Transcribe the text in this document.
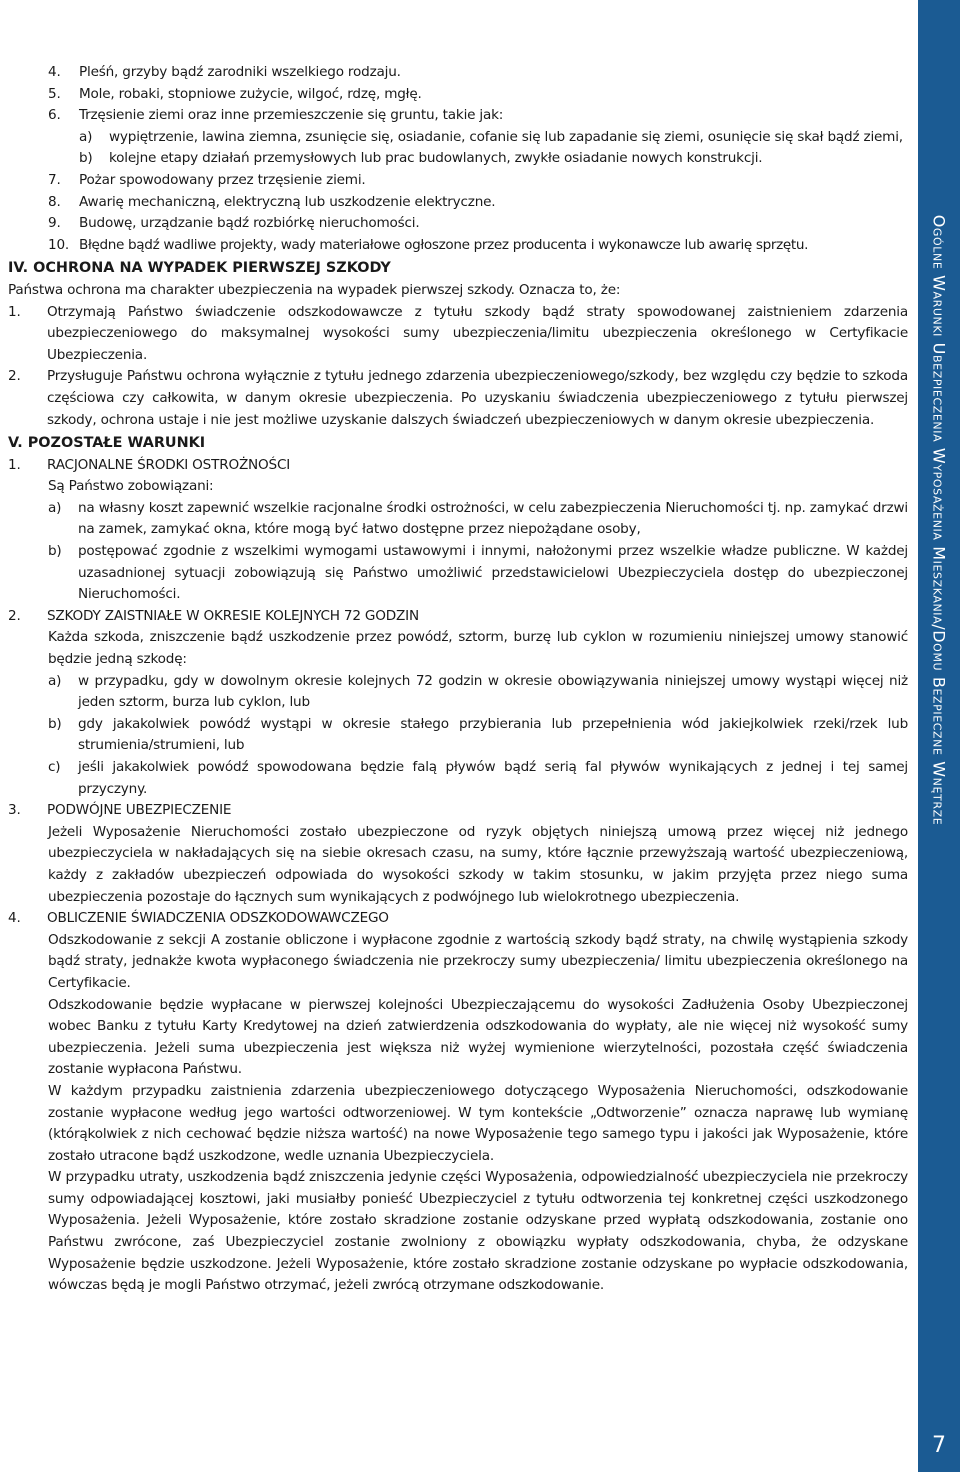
4.	Pleśń, grzyby bądź zarodniki wszelkiego rodzaju.
5.	Mole, robaki, stopniowe zużycie, wilgoć, rdzę, mgłę.
6.	Trzęsienie ziemi oraz inne przemieszczenie się gruntu, takie jak:
a)	wypiętrzenie, lawina ziemna, zsunięcie się, osiadanie, cofanie się lub zapadanie się ziemi, osunięcie się skał bądź ziemi,
b)	kolejne etapy działań przemysłowych lub prac budowlanych, zwykłe osiadanie nowych konstrukcji.
7.	Pożar spowodowany przez trzęsienie ziemi.
8.	Awarię mechaniczną, elektryczną lub uszkodzenie elektryczne.
9.	Budowę, urządzanie bądź rozbiórkę nieruchomości.
10. Błędne bądź wadliwe projekty, wady materiałowe ogłoszone przez producenta i wykonawcze lub awarię sprzętu.
IV. OCHRONA NA WYPADEK PIERWSZEJ SZKODY
Państwa ochrona ma charakter ubezpieczenia na wypadek pierwszej szkody. Oznacza to, że:
1.	Otrzymają Państwo świadczenie odszkodowawcze z tytułu szkody bądź straty spowodowanej zaistnieniem zdarzenia ubezpieczeniowego do maksymalnej wysokości sumy ubezpieczenia/limitu ubezpieczenia określonego w Certyfikacie Ubezpieczenia.
2.	Przysługuje Państwu ochrona wyłącznie z tytułu jednego zdarzenia ubezpieczeniowego/szkody, bez względu czy będzie to szkoda częściowa czy całkowita, w danym okresie ubezpieczenia. Po uzyskaniu świadczenia ubezpieczeniowego z tytułu pierwszej szkody, ochrona ustaje i nie jest możliwe uzyskanie dalszych świadczeń ubezpieczeniowych w danym okresie ubezpieczenia.
V. POZOSTAŁE WARUNKI
1.	RACJONALNE ŚRODKI OSTROŻNOŚCI
Są Państwo zobowiązani:
a)	na własny koszt zapewnić wszelkie racjonalne środki ostrożności, w celu zabezpieczenia Nieruchomości tj. np. zamykać drzwi na zamek, zamykać okna, które mogą być łatwo dostępne przez niepożądane osoby,
b)	postępować zgodnie z wszelkimi wymogami ustawowymi i innymi, nałożonymi przez wszelkie władze publiczne. W każdej uzasadnionej sytuacji zobowiązują się Państwo umożliwić przedstawicielowi Ubezpieczyciela dostęp do ubezpieczonej Nieruchomości.
2.	SZKODY ZAISTNIAŁE W OKRESIE KOLEJNYCH 72 GODZIN
Każda szkoda, zniszczenie bądź uszkodzenie przez powódź, sztorm, burzę lub cyklon w rozumieniu niniejszej umowy stanowić będzie jedną szkodę:
a)	w przypadku, gdy w dowolnym okresie kolejnych 72 godzin w okresie obowiązywania niniejszej umowy wystąpi więcej niż jeden sztorm, burza lub cyklon, lub
b)	gdy jakakolwiek powódź wystąpi w okresie stałego przybierania lub przepełnienia wód jakiejkolwiek rzeki/rzek lub strumienia/strumieni, lub
c)	jeśli jakakolwiek powódź spowodowana będzie falą pływów bądź serią fal pływów wynikających z jednej i tej samej przyczyny.
3.	PODWÓJNE UBEZPIECZENIE
Jeżeli Wyposażenie Nieruchomości zostało ubezpieczone od ryzyk objętych niniejszą umową przez więcej niż jednego ubezpieczyciela w nakładających się na siebie okresach czasu, na sumy, które łącznie przewyższają wartość ubezpieczeniową, każdy z zakładów ubezpieczeń odpowiada do wysokości szkody w takim stosunku, w jakim przyjęta przez niego suma ubezpieczenia pozostaje do łącznych sum wynikających z podwójnego lub wielokrotnego ubezpieczenia.
4.	OBLICZENIE ŚWIADCZENIA ODSZKODOWAWCZEGO
Odszkodowanie z sekcji A zostanie obliczone i wypłacone zgodnie z wartością szkody bądź straty, na chwilę wystąpienia szkody bądź straty, jednakże kwota wypłaconego świadczenia nie przekroczy sumy ubezpieczenia/ limitu ubezpieczenia określonego na Certyfikacie.
Odszkodowanie będzie wypłacane w pierwszej kolejności Ubezpieczającemu do wysokości Zadłużenia Osoby Ubezpieczonej wobec Banku z tytułu Karty Kredytowej na dzień zatwierdzenia odszkodowania do wypłaty, ale nie więcej niż wysokość sumy ubezpieczenia. Jeżeli suma ubezpieczenia jest większa niż wyżej wymienione wierzytelności, pozostała część świadczenia zostanie wypłacona Państwu.
W każdym przypadku zaistnienia zdarzenia ubezpieczeniowego dotyczącego Wyposażenia Nieruchomości, odszkodowanie zostanie wypłacone według jego wartości odtworzeniowej. W tym kontekście „Odtworzenie” oznacza naprawę lub wymianę (którąkolwiek z nich cechować będzie niższa wartość) na nowe Wyposażenie tego samego typu i jakości jak Wyposażenie, które zostało utracone bądź uszkodzone, wedle uznania Ubezpieczyciela.
W przypadku utraty, uszkodzenia bądź zniszczenia jedynie części Wyposażenia, odpowiedzialność ubezpieczyciela nie przekroczy sumy odpowiadającej kosztowi, jaki musiałby ponieść Ubezpieczyciel z tytułu odtworzenia tej konkretnej części uszkodzonego Wyposażenia. Jeżeli Wyposażenie, które zostało skradzione zostanie odzyskane przed wypłatą odszkodowania, zostanie ono Państwu zwrócone, zaś Ubezpieczyciel zostanie zwolniony z obowiązku wypłaty odszkodowania, chyba, że odzyskane Wyposażenie będzie uszkodzone. Jeżeli Wyposażenie, które zostało skradzione zostanie odzyskane po wypłacie odszkodowania, wówczas będą je mogli Państwo otrzymać, jeżeli zwrócą otrzymane odszkodowanie.
Ogólne Warunki Ubezpieczenia Wyposażenia Mieszkania/Domu Bezpieczne Wnętrze
7
